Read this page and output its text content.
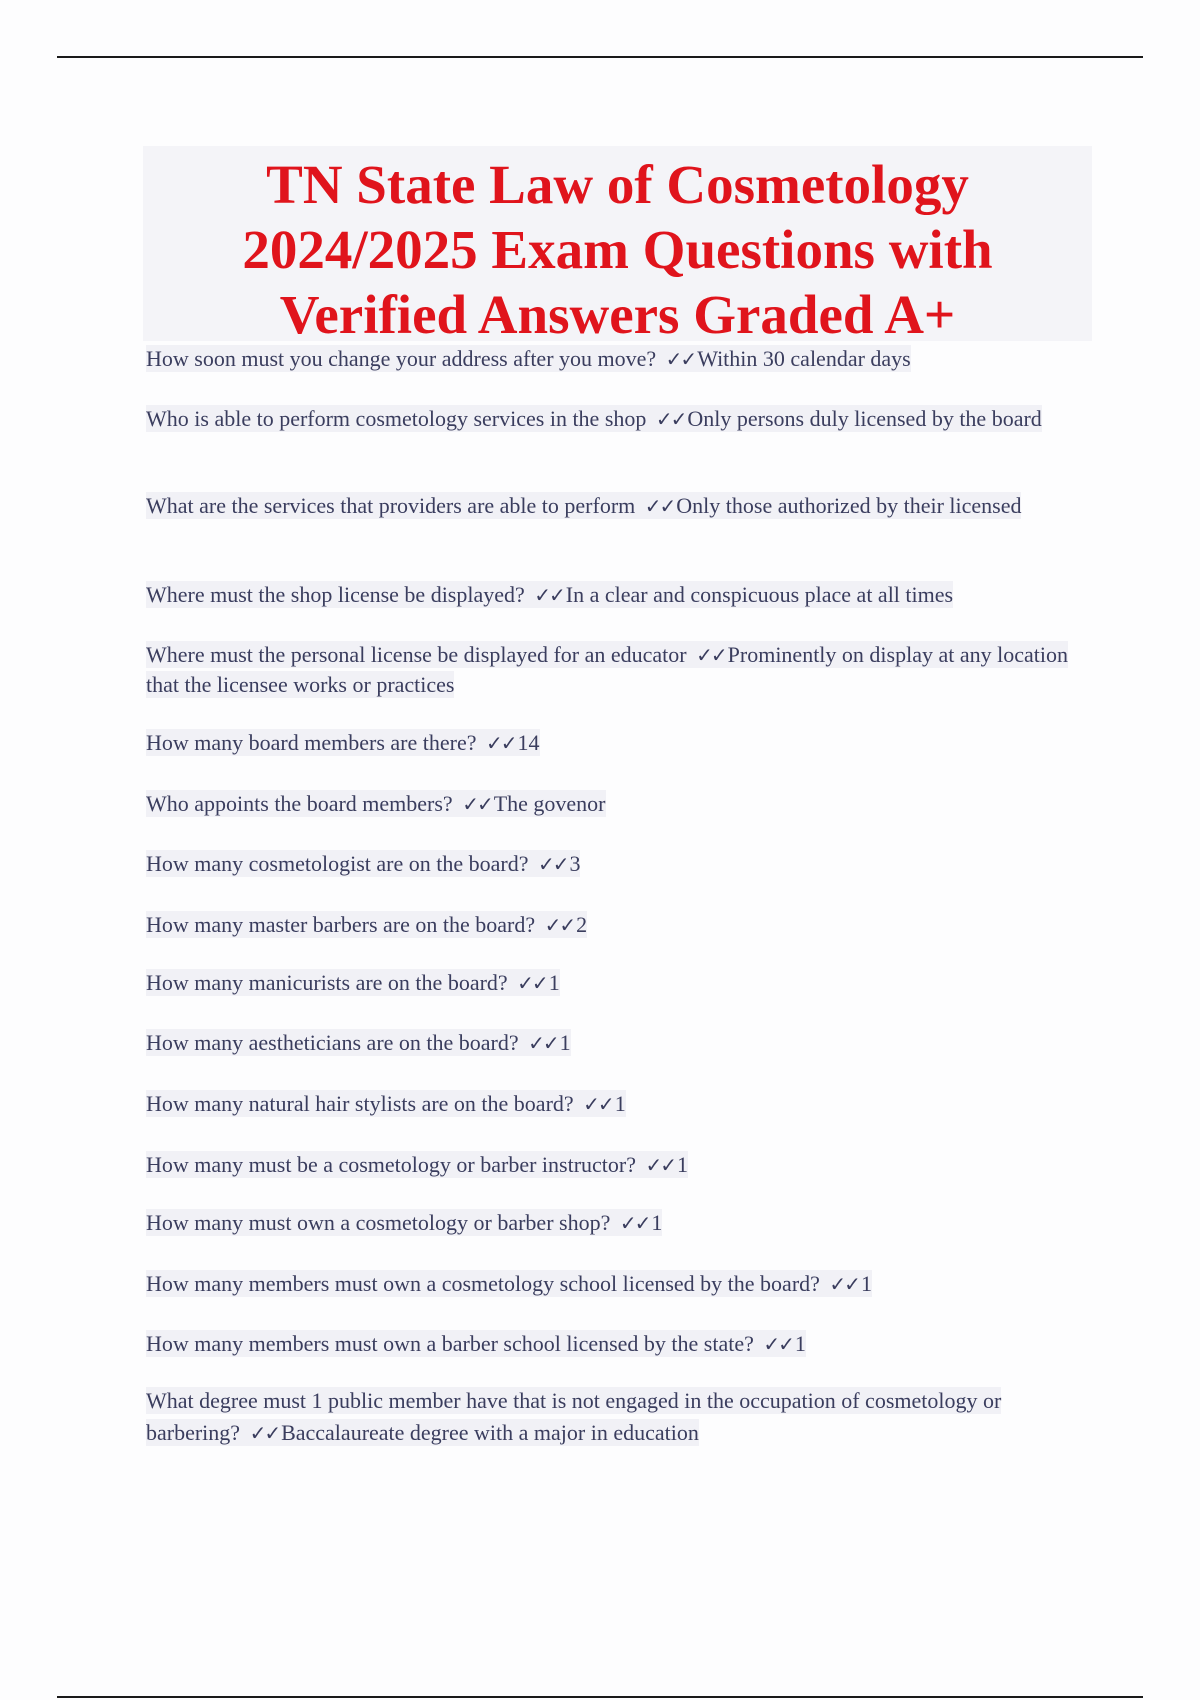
TN State Law of Cosmetology
2024/2025 Exam Questions with
Verified Answers Graded A+
How soon must you change your address after you move? ✓✓Within 30 calendar days
Who is able to perform cosmetology services in the shop ✓✓Only persons duly licensed by the board
What are the services that providers are able to perform ✓✓Only those authorized by their licensed
Where must the shop license be displayed? ✓✓In a clear and conspicuous place at all times
Where must the personal license be displayed for an educator ✓✓Prominently on display at any location that the licensee works or practices
How many board members are there? ✓✓14
Who appoints the board members? ✓✓The govenor
How many cosmetologist are on the board? ✓✓3
How many master barbers are on the board? ✓✓2
How many manicurists are on the board? ✓✓1
How many aestheticians are on the board? ✓✓1
How many natural hair stylists are on the board? ✓✓1
How many must be a cosmetology or barber instructor? ✓✓1
How many must own a cosmetology or barber shop? ✓✓1
How many members must own a cosmetology school licensed by the board? ✓✓1
How many members must own a barber school licensed by the state? ✓✓1
What degree must 1 public member have that is not engaged in the occupation of cosmetology or barbering? ✓✓Baccalaureate degree with a major in education
